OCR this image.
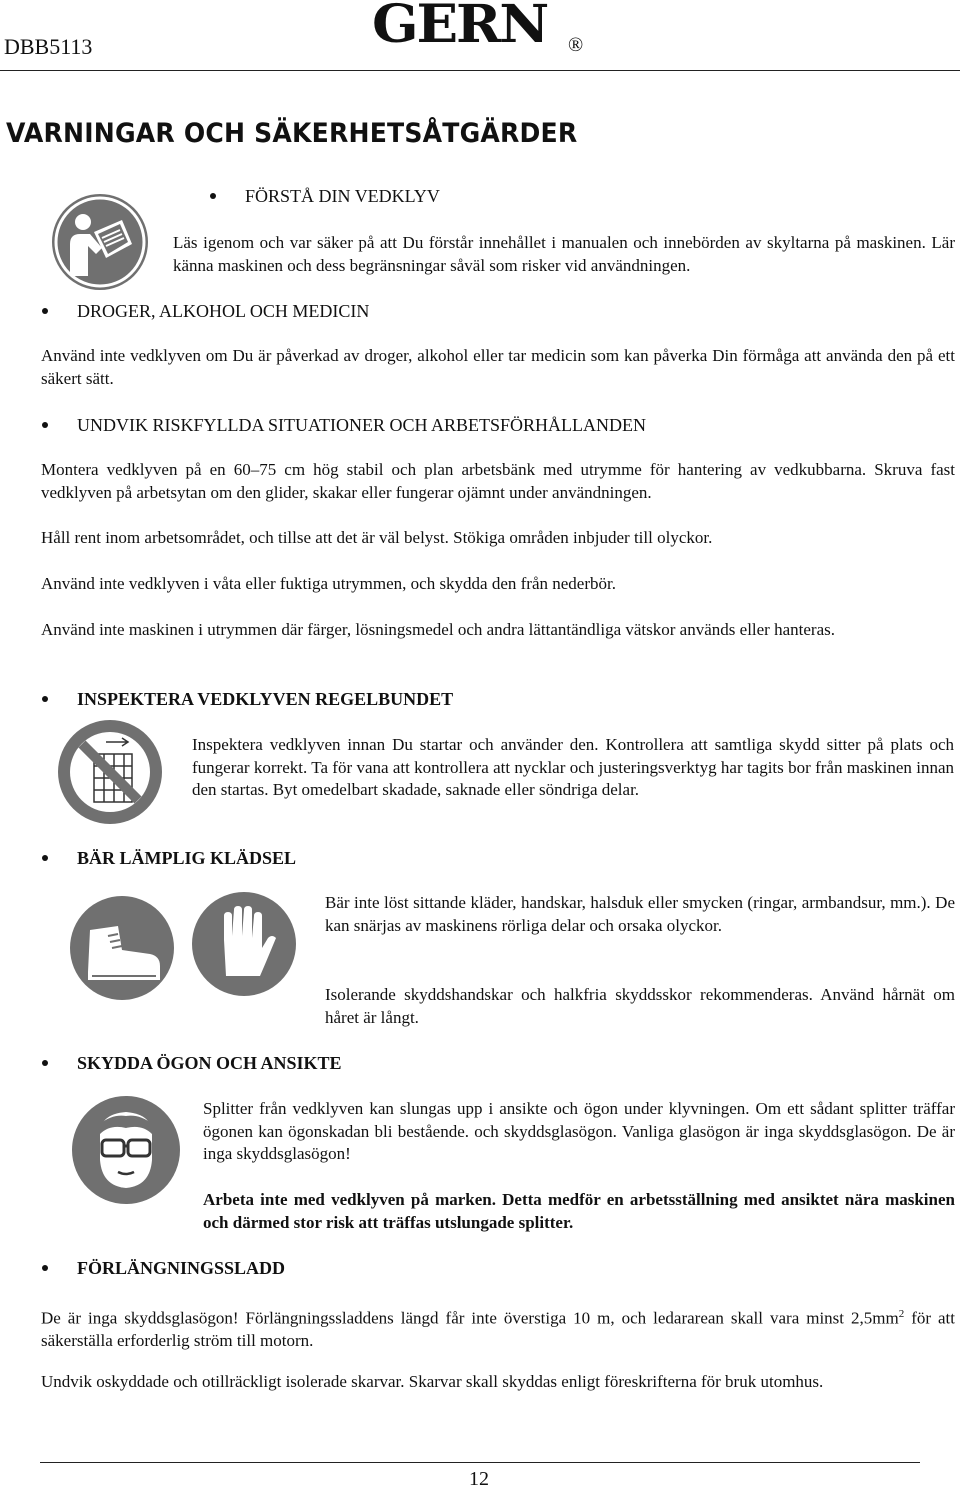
DBB5113	GERN ®
VARNINGAR OCH SÄKERHETSÅTGÄRDER
FÖRSTÅ DIN VEDKLYV
Läs igenom och var säker på att Du förstår innehållet i manualen och innebörden av skyltarna på maskinen. Lär känna maskinen och dess begränsningar såväl som risker vid användningen.
DROGER, ALKOHOL OCH MEDICIN
Använd inte vedklyven om Du är påverkad av droger, alkohol eller tar medicin som kan påverka Din förmåga att använda den på ett säkert sätt.
UNDVIK RISKFYLLDA SITUATIONER OCH ARBETSFÖRHÅLLANDEN
Montera vedklyven på en 60–75 cm hög stabil och plan arbetsbänk med utrymme för hantering av vedkubbarna. Skruva fast vedklyven på arbetsytan om den glider, skakar eller fungerar ojämnt under användningen.
Håll rent inom arbetsområdet, och tillse att det är väl belyst. Stökiga områden inbjuder till olyckor.
Använd inte vedklyven i våta eller fuktiga utrymmen, och skydda den från nederbör.
Använd inte maskinen i utrymmen där färger, lösningsmedel och andra lättantändliga vätskor används eller hanteras.
INSPEKTERA VEDKLYVEN REGELBUNDET
Inspektera vedklyven innan Du startar och använder den. Kontrollera att samtliga skydd sitter på plats och fungerar korrekt. Ta för vana att kontrollera att nycklar och justeringsverktyg har tagits bor från maskinen innan den startas. Byt omedelbart skadade, saknade eller söndriga delar.
BÄR LÄMPLIG KLÄDSEL
Bär inte löst sittande kläder, handskar, halsduk eller smycken (ringar, armbandsur, mm.). De kan snärjas av maskinens rörliga delar och orsaka olyckor.
Isolerande skyddshandskar och halkfria skyddsskor rekommenderas. Använd hårnät om håret är långt.
SKYDDA ÖGON OCH ANSIKTE
Splitter från vedklyven kan slungas upp i ansikte och ögon under klyvningen. Om ett sådant splitter träffar ögonen kan ögonskadan bli bestående. och skyddsglasögon. Vanliga glasögon är inga skyddsglasögon. De är inga skyddsglasögon!
Arbeta inte med vedklyven på marken. Detta medför en arbetsställning med ansiktet nära maskinen och därmed stor risk att träffas utslungade splitter.
FÖRLÄNGNINGSSLADD
De är inga skyddsglasögon! Förlängningssladdens längd får inte överstiga 10 m, och ledararean skall vara minst $2,5mm^2$ för att säkerställa erforderlig ström till motorn.
Undvik oskyddade och otillräckligt isolerade skarvar. Skarvar skall skyddas enligt föreskrifterna för bruk utomhus.
12
